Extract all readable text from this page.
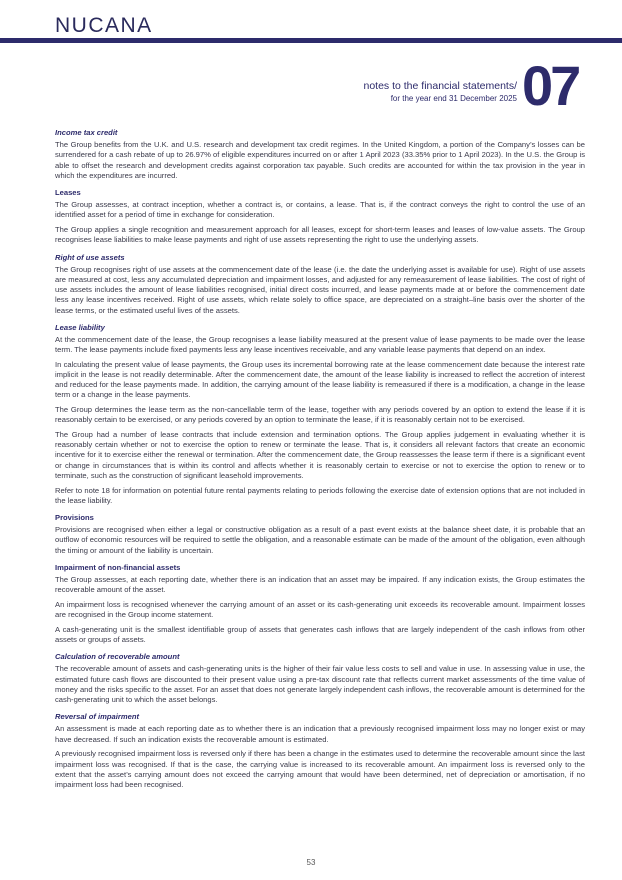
NUCANA
notes to the financial statements/
for the year end 31 December 2025 07

Income tax credit

The Group benefits from the U.K. and U.S. research and development tax credit regimes. In the United Kingdom, a portion of the Company’s losses can be surrendered for a cash rebate of up to 26.97% of eligible expenditures incurred on or after 1 April 2023 (33.35% prior to 1 April 2023). In the U.S. the Group is able to offset the research and development credits against corporation tax payable. Such credits are accounted for within the tax provision in the year in which the expenditures are incurred.

Leases

The Group assesses, at contract inception, whether a contract is, or contains, a lease. That is, if the contract conveys the right to control the use of an identified asset for a period of time in exchange for consideration.

The Group applies a single recognition and measurement approach for all leases, except for short-term leases and leases of low-value assets. The Group recognises lease liabilities to make lease payments and right of use assets representing the right to use the underlying assets.

Right of use assets

The Group recognises right of use assets at the commencement date of the lease (i.e. the date the underlying asset is available for use). Right of use assets are measured at cost, less any accumulated depreciation and impairment losses, and adjusted for any remeasurement of lease liabilities. The cost of right of use assets includes the amount of lease liabilities recognised, initial direct costs incurred, and lease payments made at or before the commencement date less any lease incentives received. Right of use assets, which relate solely to office space, are depreciated on a straight–line basis over the shorter of the lease terms, or the estimated useful lives of the assets.

Lease liability

At the commencement date of the lease, the Group recognises a lease liability measured at the present value of lease payments to be made over the lease term. The lease payments include fixed payments less any lease incentives receivable, and any variable lease payments that depend on an index.

In calculating the present value of lease payments, the Group uses its incremental borrowing rate at the lease commencement date because the interest rate implicit in the lease is not readily determinable. After the commencement date, the amount of the lease liability is increased to reflect the accretion of interest and reduced for the lease payments made. In addition, the carrying amount of the lease liability is remeasured if there is a modification, a change in the lease term or a change in the lease payments.

The Group determines the lease term as the non-cancellable term of the lease, together with any periods covered by an option to extend the lease if it is reasonably certain to be exercised, or any periods covered by an option to terminate the lease, if it is reasonably certain not to be exercised.

The Group had a number of lease contracts that include extension and termination options. The Group applies judgement in evaluating whether it is reasonably certain whether or not to exercise the option to renew or terminate the lease. That is, it considers all relevant factors that create an economic incentive for it to exercise either the renewal or termination. After the commencement date, the Group reassesses the lease term if there is a significant event or change in circumstances that is within its control and affects whether it is reasonably certain to exercise or not to exercise the option to renew or to terminate, such as the construction of significant leasehold improvements.

Refer to note 18 for information on potential future rental payments relating to periods following the exercise date of extension options that are not included in the lease liability.

Provisions

Provisions are recognised when either a legal or constructive obligation as a result of a past event exists at the balance sheet date, it is probable that an outflow of economic resources will be required to settle the obligation, and a reasonable estimate can be made of the amount of the obligation, even although the timing or amount of the liability is uncertain.

Impairment of non-financial assets

The Group assesses, at each reporting date, whether there is an indication that an asset may be impaired. If any indication exists, the Group estimates the recoverable amount of the asset.

An impairment loss is recognised whenever the carrying amount of an asset or its cash-generating unit exceeds its recoverable amount. Impairment losses are recognised in the Group income statement.

A cash-generating unit is the smallest identifiable group of assets that generates cash inflows that are largely independent of the cash inflows from other assets or groups of assets.

Calculation of recoverable amount

The recoverable amount of assets and cash-generating units is the higher of their fair value less costs to sell and value in use. In assessing value in use, the estimated future cash flows are discounted to their present value using a pre-tax discount rate that reflects current market assessments of the time value of money and the risks specific to the asset. For an asset that does not generate largely independent cash inflows, the recoverable amount is determined for the cash-generating unit to which the asset belongs.

Reversal of impairment

An assessment is made at each reporting date as to whether there is an indication that a previously recognised impairment loss may no longer exist or may have decreased. If such an indication exists the recoverable amount is estimated.

A previously recognised impairment loss is reversed only if there has been a change in the estimates used to determine the recoverable amount since the last impairment loss was recognised. If that is the case, the carrying value is increased to its recoverable amount. An impairment loss is reversed only to the extent that the asset’s carrying amount does not exceed the carrying amount that would have been determined, net of depreciation or amortisation, if no impairment loss had been recognised.

53
